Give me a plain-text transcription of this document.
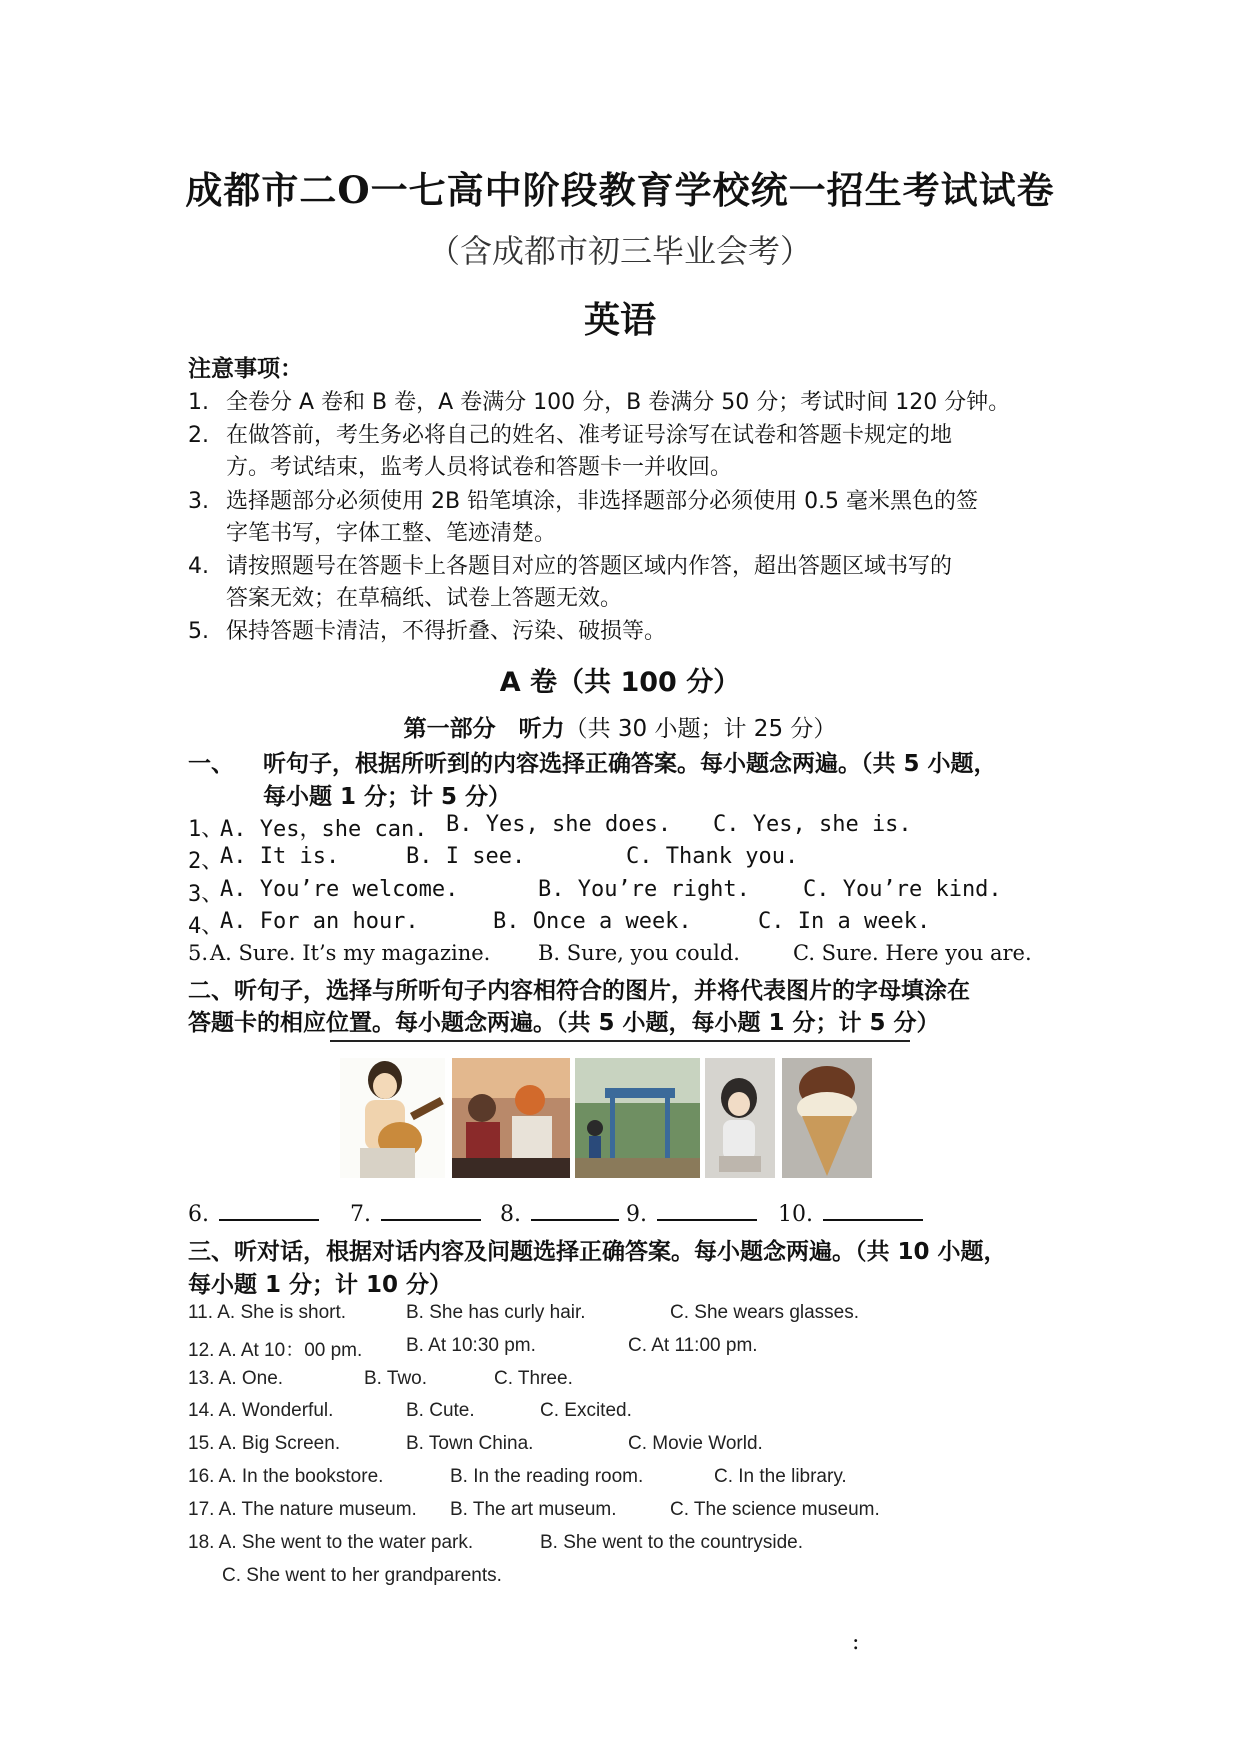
成都市二O一七高中阶段教育学校统一招生考试试卷
（含成都市初三毕业会考）
英语
注意事项：
1. 全卷分 A 卷和 B 卷，A 卷满分 100 分，B 卷满分 50 分；考试时间 120 分钟。
2. 在做答前，考生务必将自己的姓名、准考证号涂写在试卷和答题卡规定的地
方。考试结束，监考人员将试卷和答题卡一并收回。
3. 选择题部分必须使用 2B 铅笔填涂，非选择题部分必须使用 0.5 毫米黑色的签
字笔书写，字体工整、笔迹清楚。
4. 请按照题号在答题卡上各题目对应的答题区域内作答，超出答题区域书写的
答案无效；在草稿纸、试卷上答题无效。
5. 保持答题卡清洁，不得折叠、污染、破损等。
A 卷（共 100 分）
第一部分　听力（共 30 小题；计 25 分）
一、 听句子，根据所听到的内容选择正确答案。每小题念两遍。（共 5 小题，
每小题 1 分；计 5 分）
1、
A. Yes，she can. B. Yes, she does. C. Yes, she is.
2、
A. It is.	B. I see.	C. Thank you.
3、
A. You’re welcome.	B. You’re right. C. You’re kind.
4、
A. For an hour.	B. Once a week.	C. In a week.
5. A. Sure. It’s my magazine. B. Sure, you could.	C. Sure. Here you are.
二、听句子，选择与所听句子内容相符合的图片，并将代表图片的字母填涂在
答题卡的相应位置。每小题念两遍。（共 5 小题，每小题 1 分；计 5 分）
6.	7.	8.	9.	10.
三、听对话，根据对话内容及问题选择正确答案。每小题念两遍。（共 10 小题，
每小题 1 分；计 10 分）
11. A. She is short.	B. She has curly hair.	C. She wears glasses.
12. A. At 10：00 pm. B. At 10:30 pm.	C. At 11:00 pm.
13. A. One.	B. Two.	C. Three.
14. A. Wonderful.	B. Cute.	C. Excited.
15. A. Big Screen.	B. Town China.	C. Movie World.
16. A. In the bookstore.	B. In the reading room.	C. In the library.
17. A. The nature museum. B. The art museum.	C. The science museum.
18. A. She went to the water park.	B. She went to the countryside.
C. She went to her grandparents.
:
